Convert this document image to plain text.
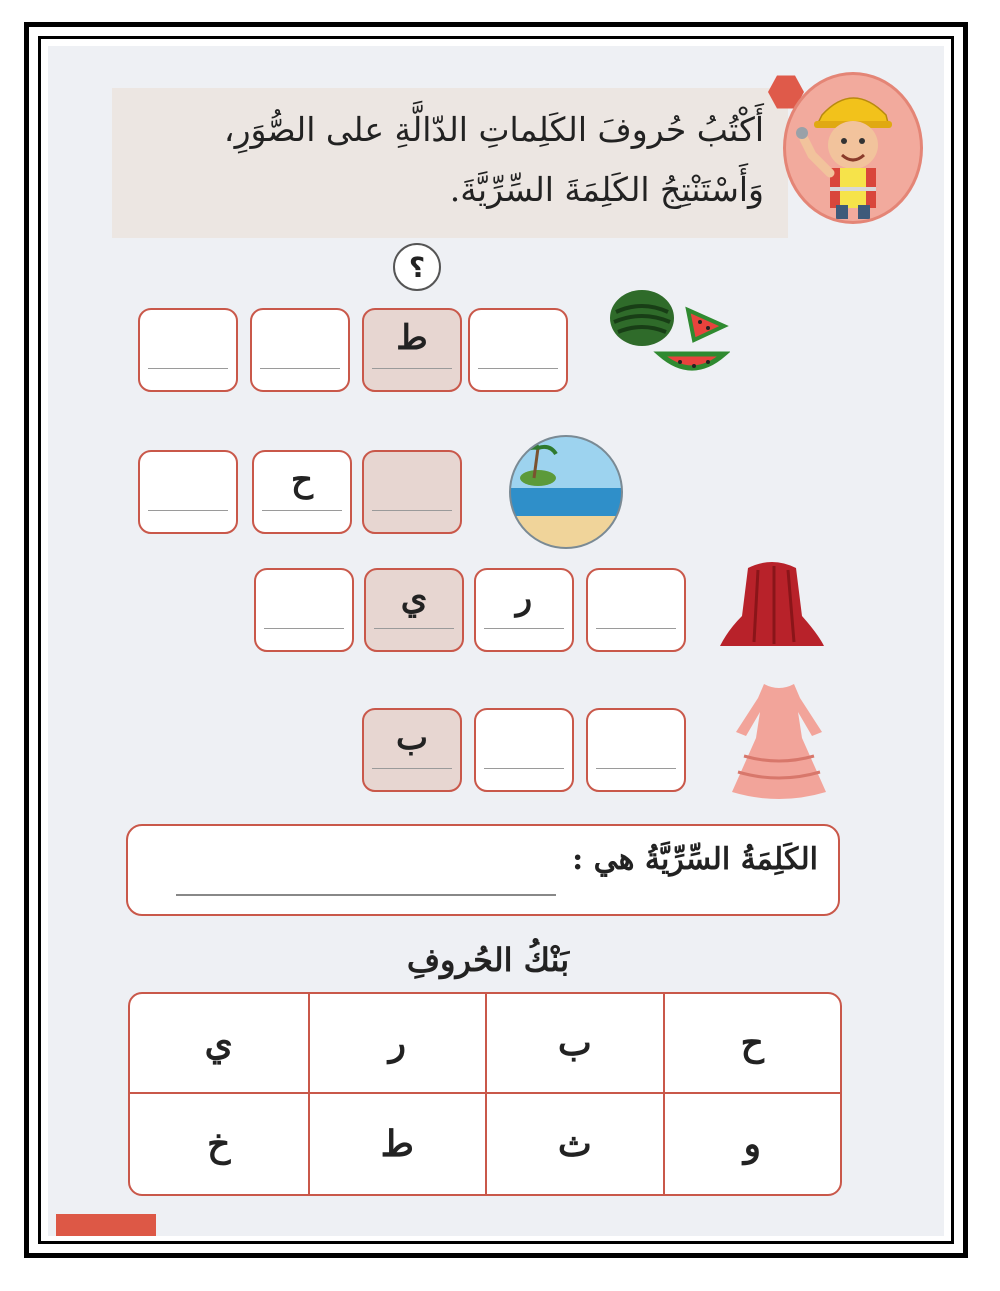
أَكْتُبُ حُروفَ الكَلِماتِ الدّالَّةِ على الصُّوَرِ،
وَأَسْتَنْتِجُ الكَلِمَةَ السِّرِّيَّةَ.
؟
ط
ح
ر
ي
ب
الكَلِمَةُ السِّرِّيَّةُ هي :
بَنْكُ الحُروفِ
ح
ب
ر
ي
و
ث
ط
خ
